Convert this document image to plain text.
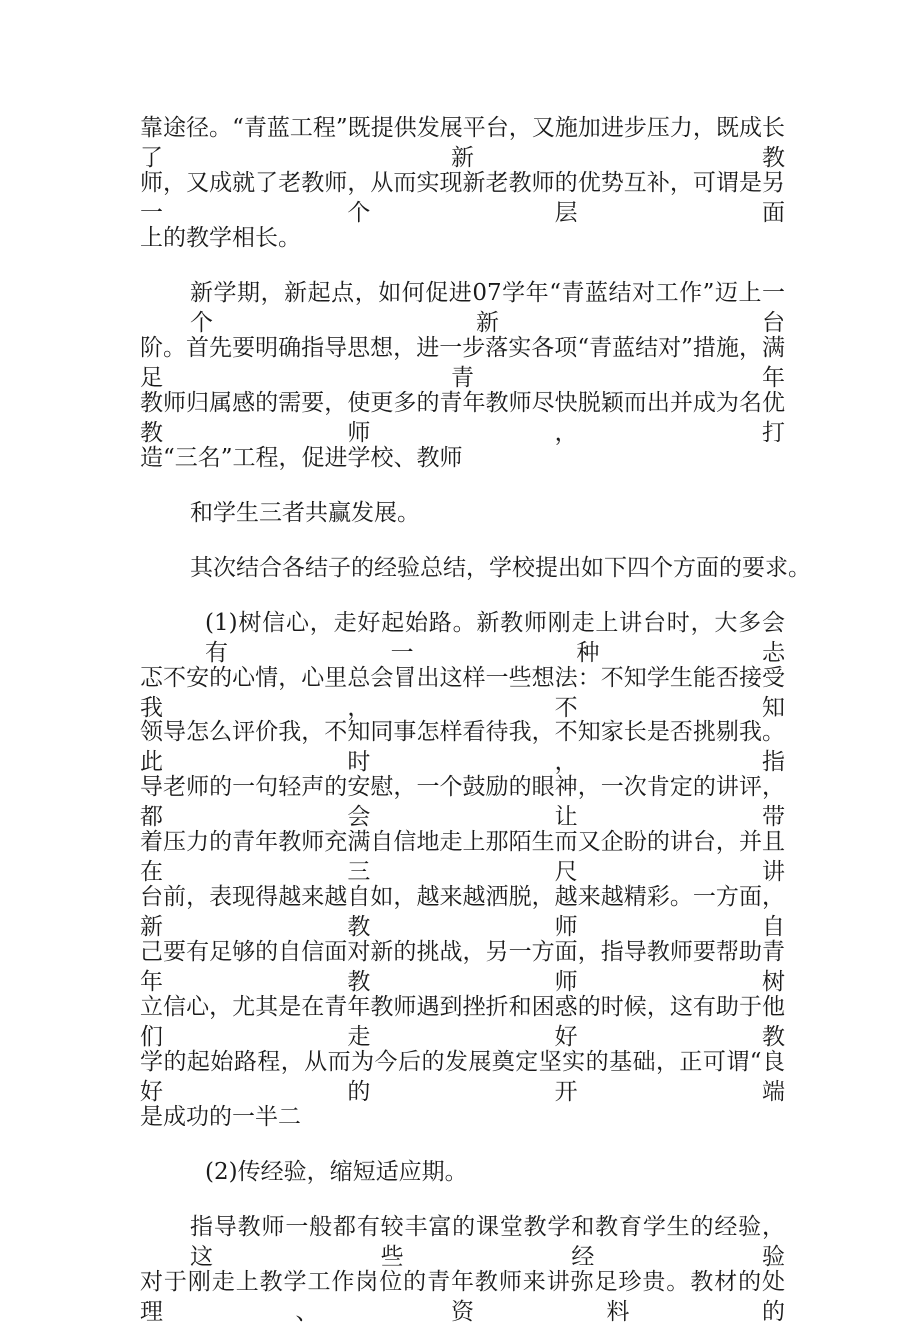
靠途径。“青蓝工程”既提供发展平台，又施加进步压力，既成长了新教

师，又成就了老教师，从而实现新老教师的优势互补，可谓是另一个层面

上的教学相长。

新学期，新起点，如何促进07学年“青蓝结对工作”迈上一个新台

阶。首先要明确指导思想，进一步落实各项“青蓝结对”措施，满足青年

教师归属感的需要，使更多的青年教师尽快脱颖而出并成为名优教师，打

造“三名”工程，促进学校、教师

和学生三者共赢发展。

其次结合各结子的经验总结，学校提出如下四个方面的要求。

(1)树信心，走好起始路。新教师刚走上讲台时，大多会有一种忐

忑不安的心情，心里总会冒出这样一些想法：不知学生能否接受我，不知

领导怎么评价我，不知同事怎样看待我，不知家长是否挑剔我。此时，指

导老师的一句轻声的安慰，一个鼓励的眼神，一次肯定的讲评，都会让带

着压力的青年教师充满自信地走上那陌生而又企盼的讲台，并且在三尺讲

台前，表现得越来越自如，越来越洒脱，越来越精彩。一方面，新教师自

己要有足够的自信面对新的挑战，另一方面，指导教师要帮助青年教师树

立信心，尤其是在青年教师遇到挫折和困惑的时候，这有助于他们走好教

学的起始路程，从而为今后的发展奠定坚实的基础，正可谓“良好的开端

是成功的一半二

(2)传经验，缩短适应期。

指导教师一般都有较丰富的课堂教学和教育学生的经验，这些经验

对于刚走上教学工作岗位的青年教师来讲弥足珍贵。教材的处理、资料的
